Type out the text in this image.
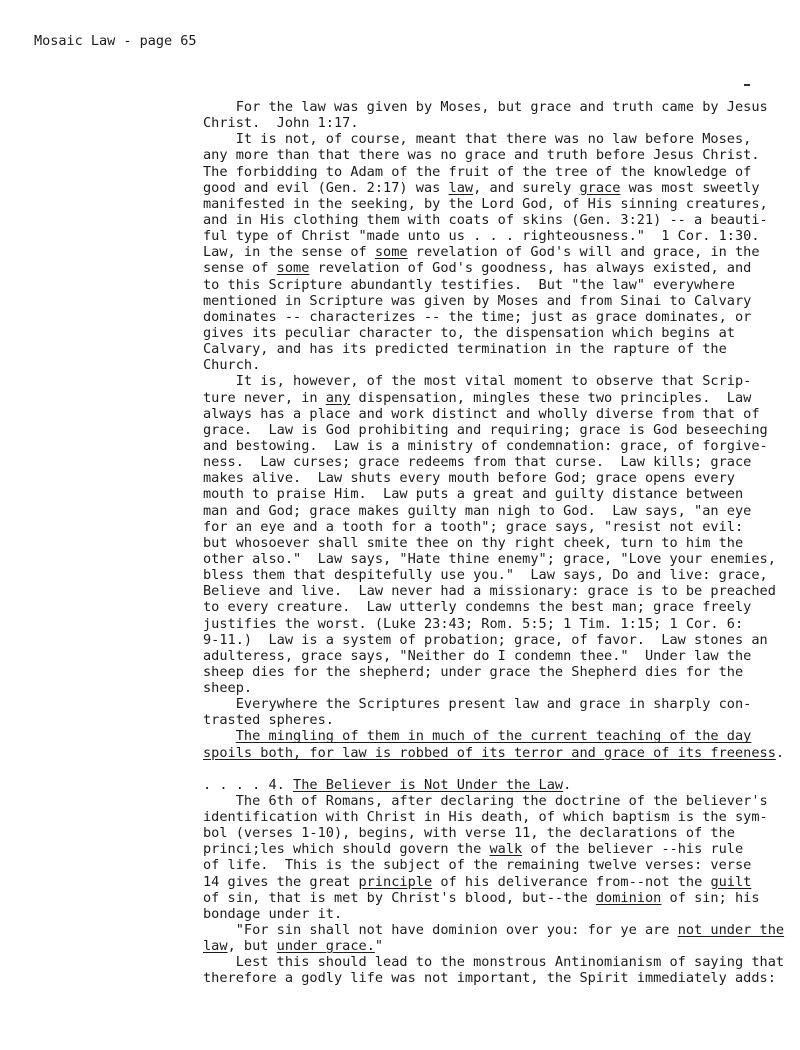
Mosaic Law - page 65
For the law was given by Moses, but grace and truth came by Jesus
Christ.  John 1:17.
It is not, of course, meant that there was no law before Moses,
any more than that there was no grace and truth before Jesus Christ.
The forbidding to Adam of the fruit of the tree of the knowledge of
good and evil (Gen. 2:17) was law, and surely grace was most sweetly
manifested in the seeking, by the Lord God, of His sinning creatures,
and in His clothing them with coats of skins (Gen. 3:21) -- a beauti-
ful type of Christ "made unto us . . . righteousness."  1 Cor. 1:30.
Law, in the sense of some revelation of God's will and grace, in the
sense of some revelation of God's goodness, has always existed, and
to this Scripture abundantly testifies.  But "the law" everywhere
mentioned in Scripture was given by Moses and from Sinai to Calvary
dominates -- characterizes -- the time; just as grace dominates, or
gives its peculiar character to, the dispensation which begins at
Calvary, and has its predicted termination in the rapture of the
Church.
It is, however, of the most vital moment to observe that Scrip-
ture never, in any dispensation, mingles these two principles.  Law
always has a place and work distinct and wholly diverse from that of
grace.  Law is God prohibiting and requiring; grace is God beseeching
and bestowing.  Law is a ministry of condemnation: grace, of forgive-
ness.  Law curses; grace redeems from that curse.  Law kills; grace
makes alive.  Law shuts every mouth before God; grace opens every
mouth to praise Him.  Law puts a great and guilty distance between
man and God; grace makes guilty man nigh to God.  Law says, "an eye
for an eye and a tooth for a tooth"; grace says, "resist not evil:
but whosoever shall smite thee on thy right cheek, turn to him the
other also."  Law says, "Hate thine enemy"; grace, "Love your enemies,
bless them that despitefully use you."  Law says, Do and live: grace,
Believe and live.  Law never had a missionary: grace is to be preached
to every creature.  Law utterly condemns the best man; grace freely
justifies the worst. (Luke 23:43; Rom. 5:5; 1 Tim. 1:15; 1 Cor. 6:
9-11.)  Law is a system of probation; grace, of favor.  Law stones an
adulteress, grace says, "Neither do I condemn thee."  Under law the
sheep dies for the shepherd; under grace the Shepherd dies for the
sheep.
Everywhere the Scriptures present law and grace in sharply con-
trasted spheres.
The mingling of them in much of the current teaching of the day
spoils both, for law is robbed of its terror and grace of its freeness.
. . . . 4. The Believer is Not Under the Law.
The 6th of Romans, after declaring the doctrine of the believer's
identification with Christ in His death, of which baptism is the sym-
bol (verses 1-10), begins, with verse 11, the declarations of the
princi;les which should govern the walk of the believer --his rule
of life.  This is the subject of the remaining twelve verses: verse
14 gives the great principle of his deliverance from--not the guilt
of sin, that is met by Christ's blood, but--the dominion of sin; his
bondage under it.
"For sin shall not have dominion over you: for ye are not under the
law, but under grace."
Lest this should lead to the monstrous Antinomianism of saying that
therefore a godly life was not important, the Spirit immediately adds:
